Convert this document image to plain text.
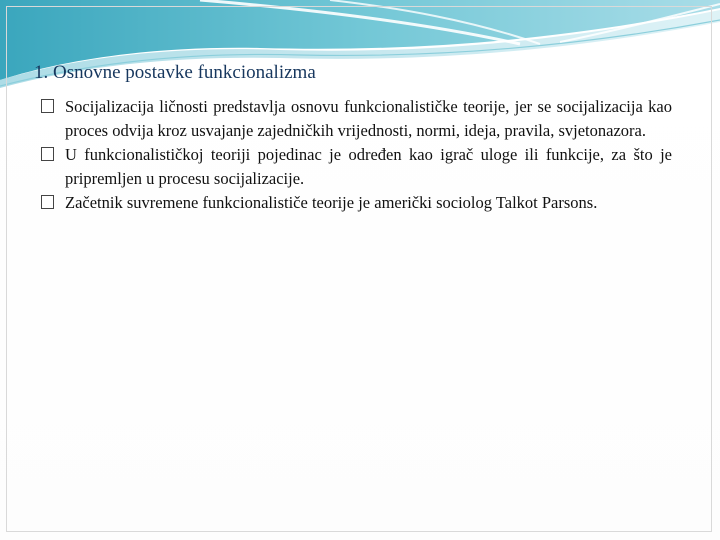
1. Osnovne postavke funkcionalizma
Socijalizacija ličnosti predstavlja osnovu funkcionalističke teorije, jer se socijalizacija kao proces odvija kroz usvajanje zajedničkih vrijednosti, normi, ideja, pravila, svjetonazora.
U funkcionalističkoj teoriji pojedinac je određen kao igrač uloge ili funkcije, za što je pripremljen u procesu socijalizacije.
Začetnik suvremene funkcionalističe teorije je američki sociolog Talkot Parsons.
